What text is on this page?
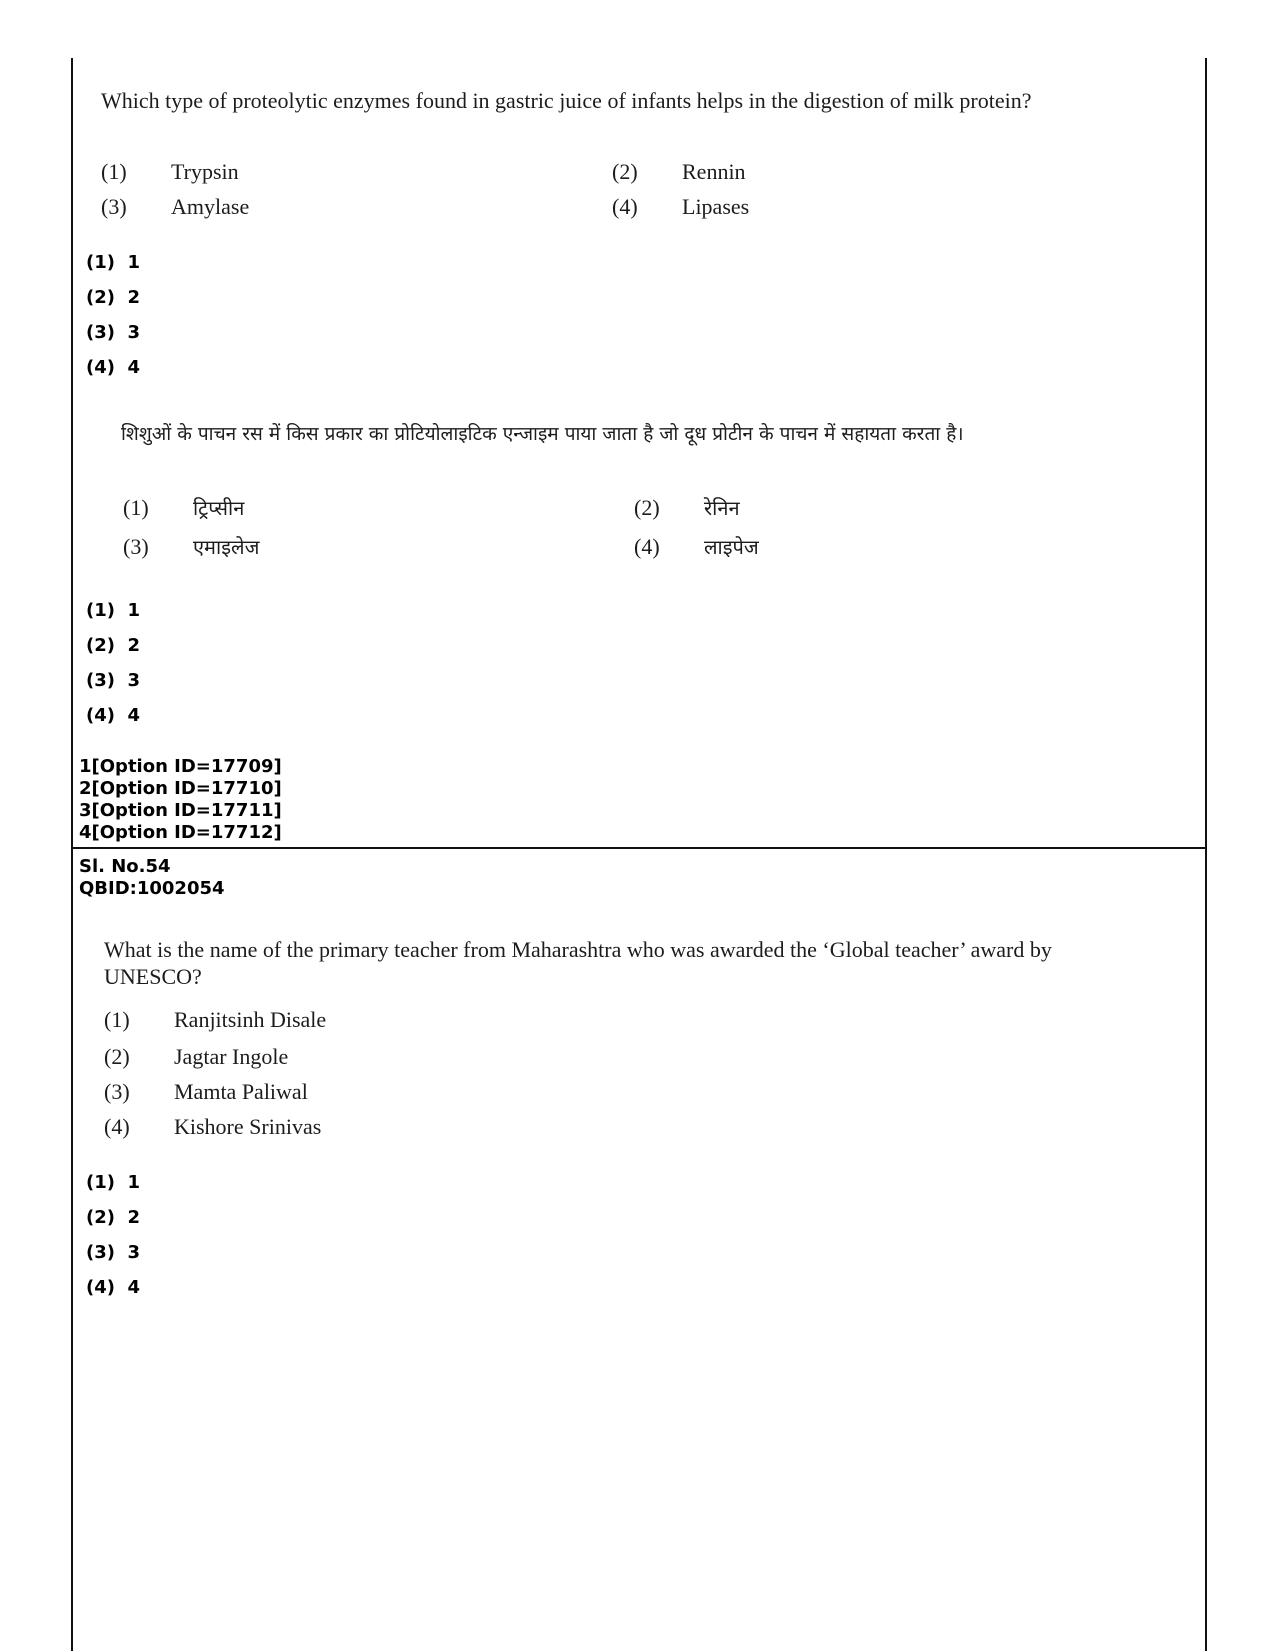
Which type of proteolytic enzymes found in gastric juice of infants helps in the digestion of milk protein?
(1) Trypsin	(2) Rennin
(3) Amylase	(4) Lipases
(1)  1
(2)  2
(3)  3
(4)  4
शिशुओं के पाचन रस में किस प्रकार का प्रोटियोलाइटिक एन्जाइम पाया जाता है जो दूध प्रोटीन के पाचन में सहायता करता है।
(1) ट्रिप्सीन	(2) रेनिन
(3) एमाइलेज	(4) लाइपेज
(1)  1
(2)  2
(3)  3
(4)  4
1[Option ID=17709]
2[Option ID=17710]
3[Option ID=17711]
4[Option ID=17712]
Sl. No.54
QBID:1002054
What is the name of the primary teacher from Maharashtra who was awarded the ‘Global teacher’ award by UNESCO?
(1) Ranjitsinh Disale
(2) Jagtar Ingole
(3) Mamta Paliwal
(4) Kishore Srinivas
(1)  1
(2)  2
(3)  3
(4)  4
